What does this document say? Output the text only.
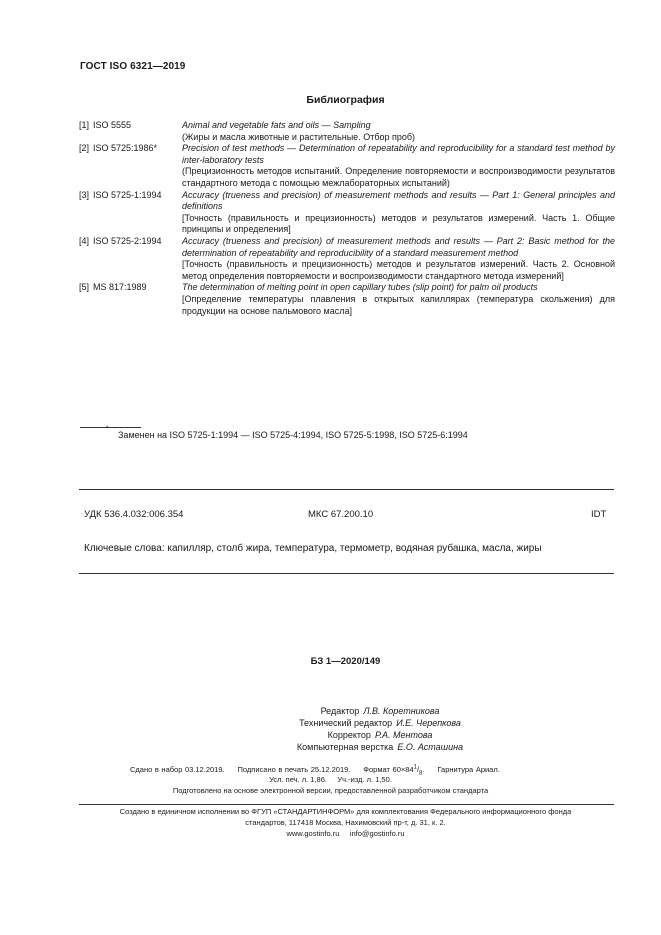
ГОСТ ISO 6321—2019
Библиография
[1] ISO 5555	Animal and vegetable fats and oils — Sampling
(Жиры и масла животные и растительные. Отбор проб)
[2] ISO 5725:1986*	Precision of test methods — Determination of repeatability and reproducibility for a standard test method by inter-laboratory tests
(Прецизионность методов испытаний. Определение повторяемости и воспроизводимости результатов стандартного метода с помощью межлабораторных испытаний)
[3] ISO 5725-1:1994	Accuracy (trueness and precision) of measurement methods and results — Part 1: General principles and definitions
[Точность (правильность и прецизионность) методов и результатов измерений. Часть 1. Общие принципы и определения]
[4] ISO 5725-2:1994	Accuracy (trueness and precision) of measurement methods and results — Part 2: Basic method for the determination of repeatability and reproducibility of a standard measurement method
[Точность (правильность и прецизионность) методов и результатов измерений. Часть 2. Основной метод определения повторяемости и воспроизводимости стандартного метода измерений]
[5] MS 817:1989	The determination of melting point in open capillary tubes (slip point) for palm oil products
[Определение температуры плавления в открытых капиллярах (температура скольжения) для продукции на основе пальмового масла]
*
Заменен на ISO 5725-1:1994 — ISO 5725-4:1994, ISO 5725-5:1998, ISO 5725-6:1994
УДК 536.4.032:006.354	МКС 67.200.10	IDT
Ключевые слова: капилляр, столб жира, температура, термометр, водяная рубашка, масла, жиры
БЗ 1—2020/149
Редактор Л.В. Коретникова
Технический редактор И.Е. Черепкова
Корректор Р.А. Ментова
Компьютерная верстка Е.О. Асташина
Сдано в набор 03.12.2019. Подписано в печать 25.12.2019. Формат $60\times 84^1/_8$.     Гарнитура Ариал.
Усл. печ. л. 1,86. Уч.-изд. л. 1,50.
Подготовлено на основе электронной версии, предоставленной разработчиком стандарта
Создано в единичном исполнении во ФГУП «СТАНДАРТИНФОРМ» для комплектования Федерального информационного фонда
стандартов, 117418 Москва, Нахимовский пр-т, д. 31, к. 2.
www.gostinfo.ru info@gostinfo.ru
